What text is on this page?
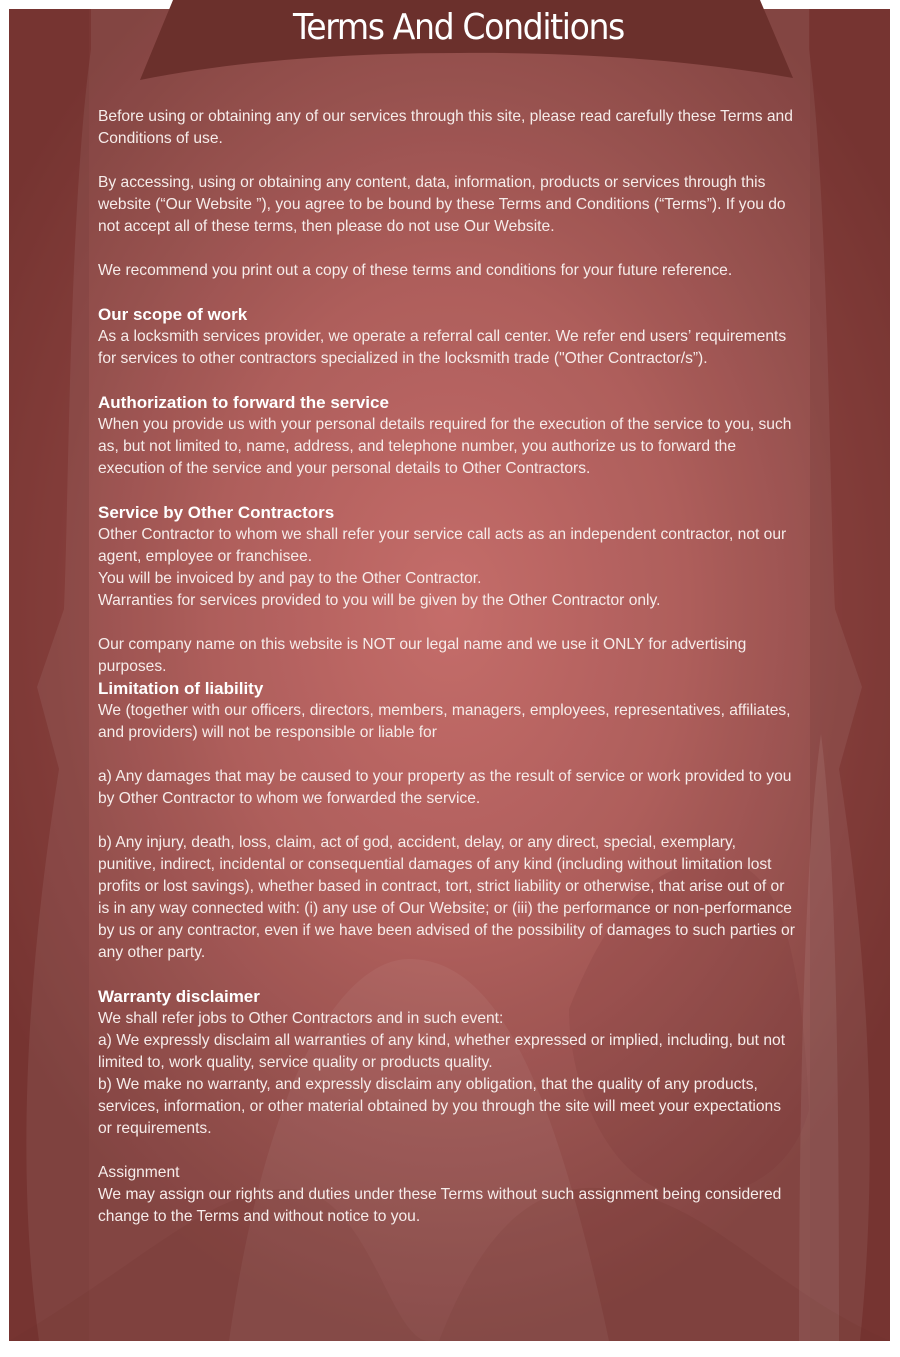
Terms And Conditions

Before using or obtaining any of our services through this site, please read carefully these Terms and Conditions of use.

By accessing, using or obtaining any content, data, information, products or services through this website (“Our Website ”), you agree to be bound by these Terms and Conditions (“Terms”). If you do not accept all of these terms, then please do not use Our Website.

We recommend you print out a copy of these terms and conditions for your future reference.

Our scope of work

As a locksmith services provider, we operate a referral call center. We refer end users’ requirements for services to other contractors specialized in the locksmith trade ("Other Contractor/s”).

Authorization to forward the service

When you provide us with your personal details required for the execution of the service to you, such as, but not limited to, name, address, and telephone number, you authorize us to forward the execution of the service and your personal details to Other Contractors.

Service by Other Contractors

Other Contractor to whom we shall refer your service call acts as an independent contractor, not our agent, employee or franchisee.

You will be invoiced by and pay to the Other Contractor.

Warranties for services provided to you will be given by the Other Contractor only.

Our company name on this website is NOT our legal name and we use it ONLY for advertising purposes.

Limitation of liability

We (together with our officers, directors, members, managers, employees, representatives, affiliates, and providers) will not be responsible or liable for

a) Any damages that may be caused to your property as the result of service or work provided to you by Other Contractor to whom we forwarded the service.

b) Any injury, death, loss, claim, act of god, accident, delay, or any direct, special, exemplary, punitive, indirect, incidental or consequential damages of any kind (including without limitation lost profits or lost savings), whether based in contract, tort, strict liability or otherwise, that arise out of or is in any way connected with: (i) any use of Our Website; or (iii) the performance or non-performance by us or any contractor, even if we have been advised of the possibility of damages to such parties or any other party.

Warranty disclaimer

We shall refer jobs to Other Contractors and in such event:

a) We expressly disclaim all warranties of any kind, whether expressed or implied, including, but not limited to, work quality, service quality or products quality.

b) We make no warranty, and expressly disclaim any obligation, that the quality of any products, services, information, or other material obtained by you through the site will meet your expectations or requirements.

Assignment

We may assign our rights and duties under these Terms without such assignment being considered change to the Terms and without notice to you.
